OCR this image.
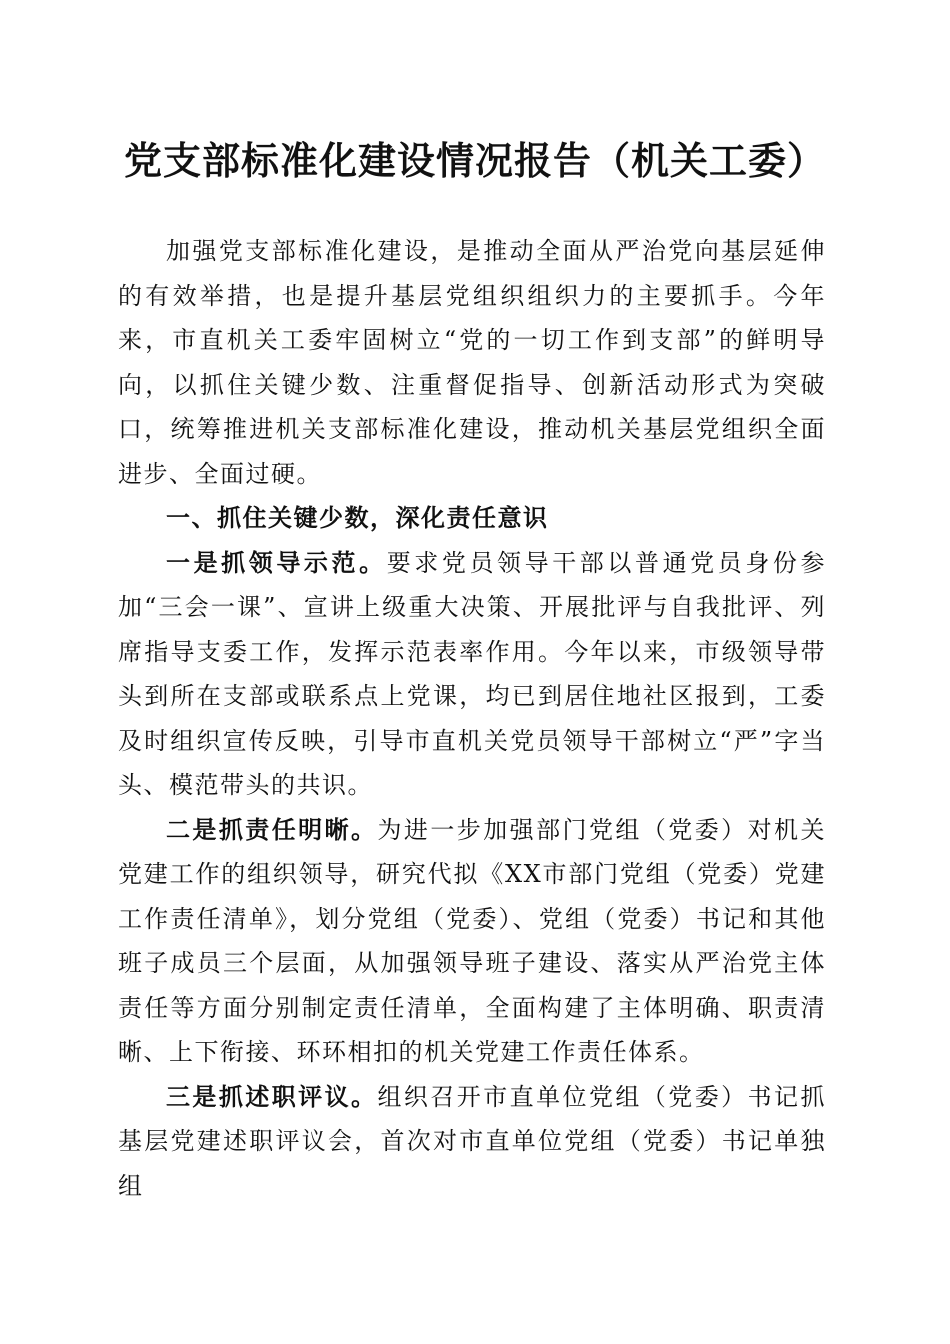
党支部标准化建设情况报告（机关工委）

加强党支部标准化建设，是推动全面从严治党向基层延伸的有效举措，也是提升基层党组织组织力的主要抓手。今年来，市直机关工委牢固树立“党的一切工作到支部”的鲜明导向，以抓住关键少数、注重督促指导、创新活动形式为突破口，统筹推进机关支部标准化建设，推动机关基层党组织全面进步、全面过硬。

一、抓住关键少数，深化责任意识

一是抓领导示范。要求党员领导干部以普通党员身份参加“三会一课”、宣讲上级重大决策、开展批评与自我批评、列席指导支委工作，发挥示范表率作用。今年以来，市级领导带头到所在支部或联系点上党课，均已到居住地社区报到，工委及时组织宣传反映，引导市直机关党员领导干部树立“严”字当头、模范带头的共识。

二是抓责任明晰。为进一步加强部门党组（党委）对机关党建工作的组织领导，研究代拟《XX市部门党组（党委）党建工作责任清单》，划分党组（党委）、党组（党委）书记和其他班子成员三个层面，从加强领导班子建设、落实从严治党主体责任等方面分别制定责任清单，全面构建了主体明确、职责清晰、上下衔接、环环相扣的机关党建工作责任体系。

三是抓述职评议。组织召开市直单位党组（党委）书记抓基层党建述职评议会，首次对市直单位党组（党委）书记单独组
